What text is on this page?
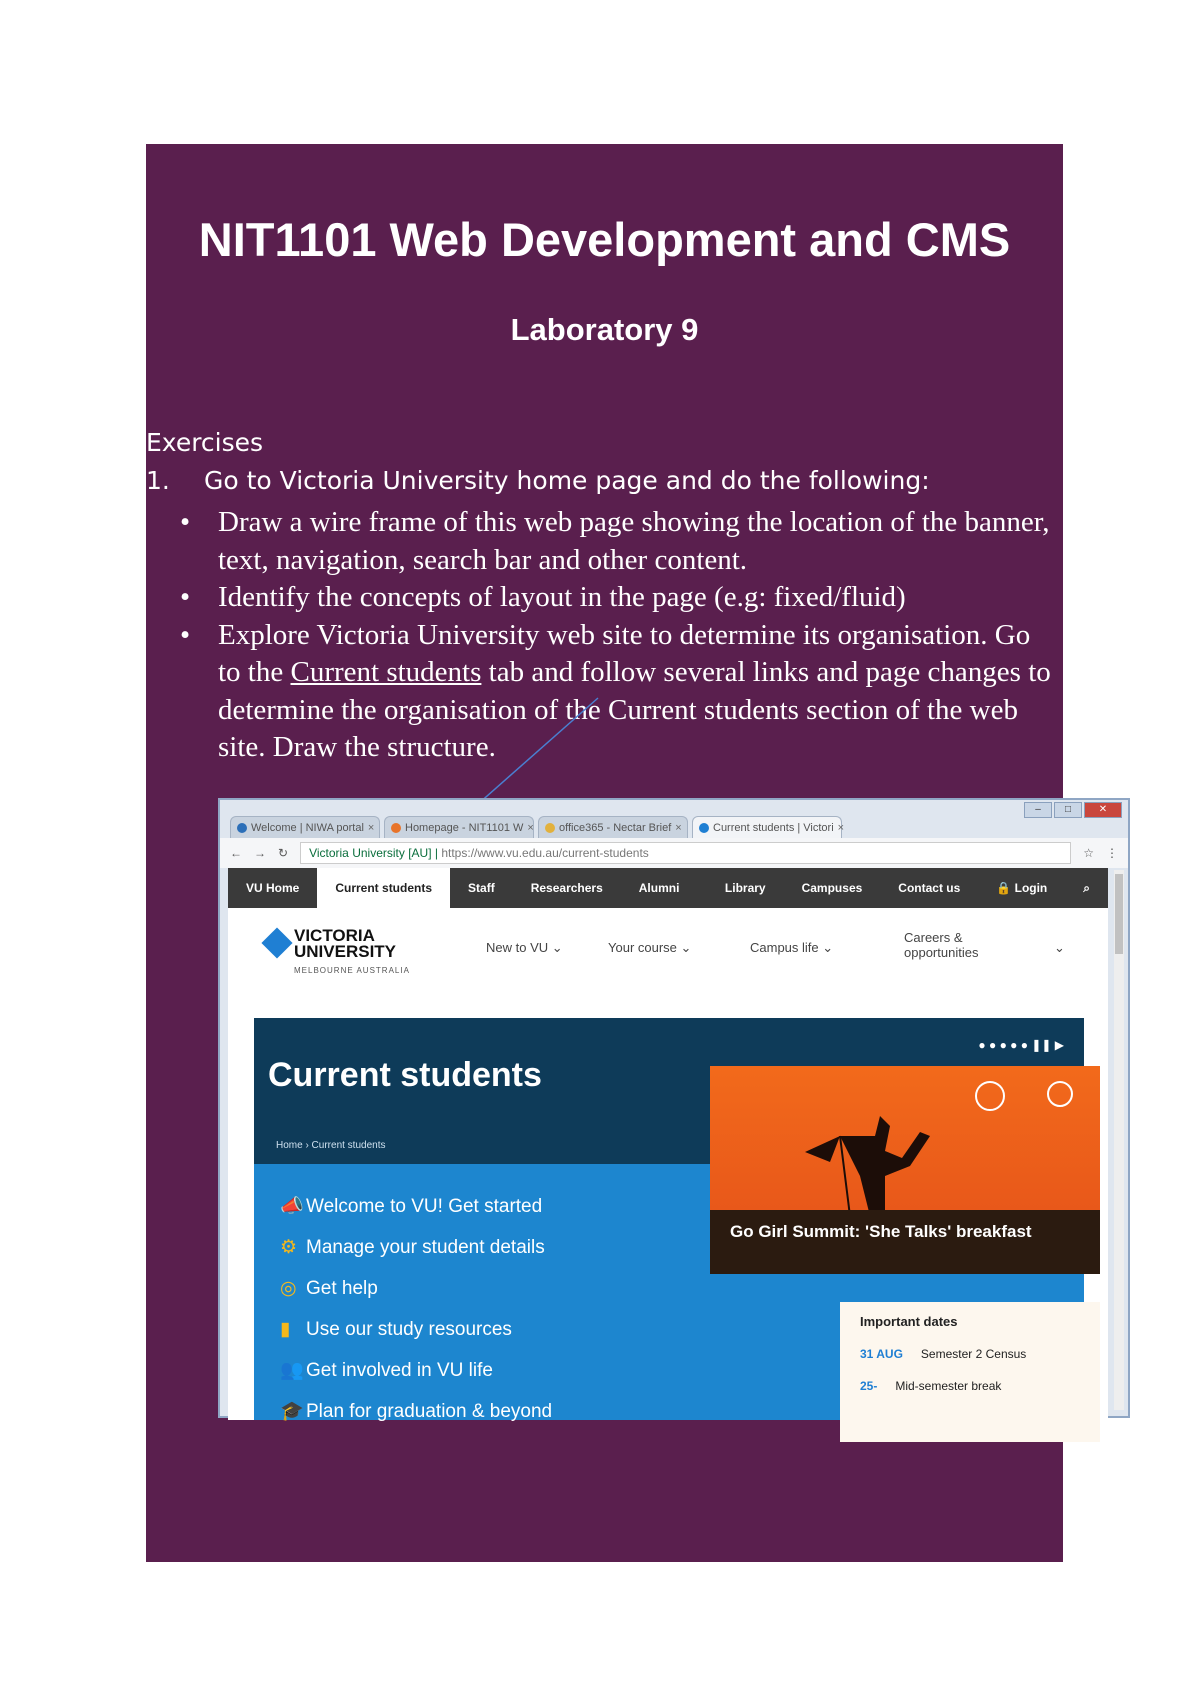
NIT1101 Web Development and CMS
Laboratory 9
Exercises
1. Go to Victoria University home page and do the following:
• Draw a wire frame of this web page showing the location of the banner, text, navigation, search bar and other content.
• Identify the concepts of layout in the page (e.g: fixed/fluid)
• Explore Victoria University web site to determine its organisation. Go to the Current students tab and follow several links and page changes to determine the organisation of the Current students section of the web site. Draw the structure.
–	□	✕
Welcome | NIWA portal ×	Homepage - NIT1101 W × office365 - Nectar Brief ×	Current students | Victori ×
← → ↻	Victoria University [AU] | https://www.vu.edu.au/current-students	☆ ⋮
VU Home	Current students	Staff	Researchers	Alumni	Library	Campuses	Contact us	🔒 Login	⌕
VICTORIA
UNIVERSITY
MELBOURNE AUSTRALIA
New to VU ⌄	Your course ⌄	Campus life ⌄
Careers & opportunities	⌄
Current students
Home › Current students
📣 Welcome to VU! Get started
⚙ Manage your student details
◎ Get help
▮ Use our study resources
👥 Get involved in VU life
🎓 Plan for graduation & beyond
● ● ● ● ● ❚❚ ▶
Go Girl Summit: 'She Talks' breakfast
Important dates
31 AUG Semester 2 Census
25- Mid-semester break
